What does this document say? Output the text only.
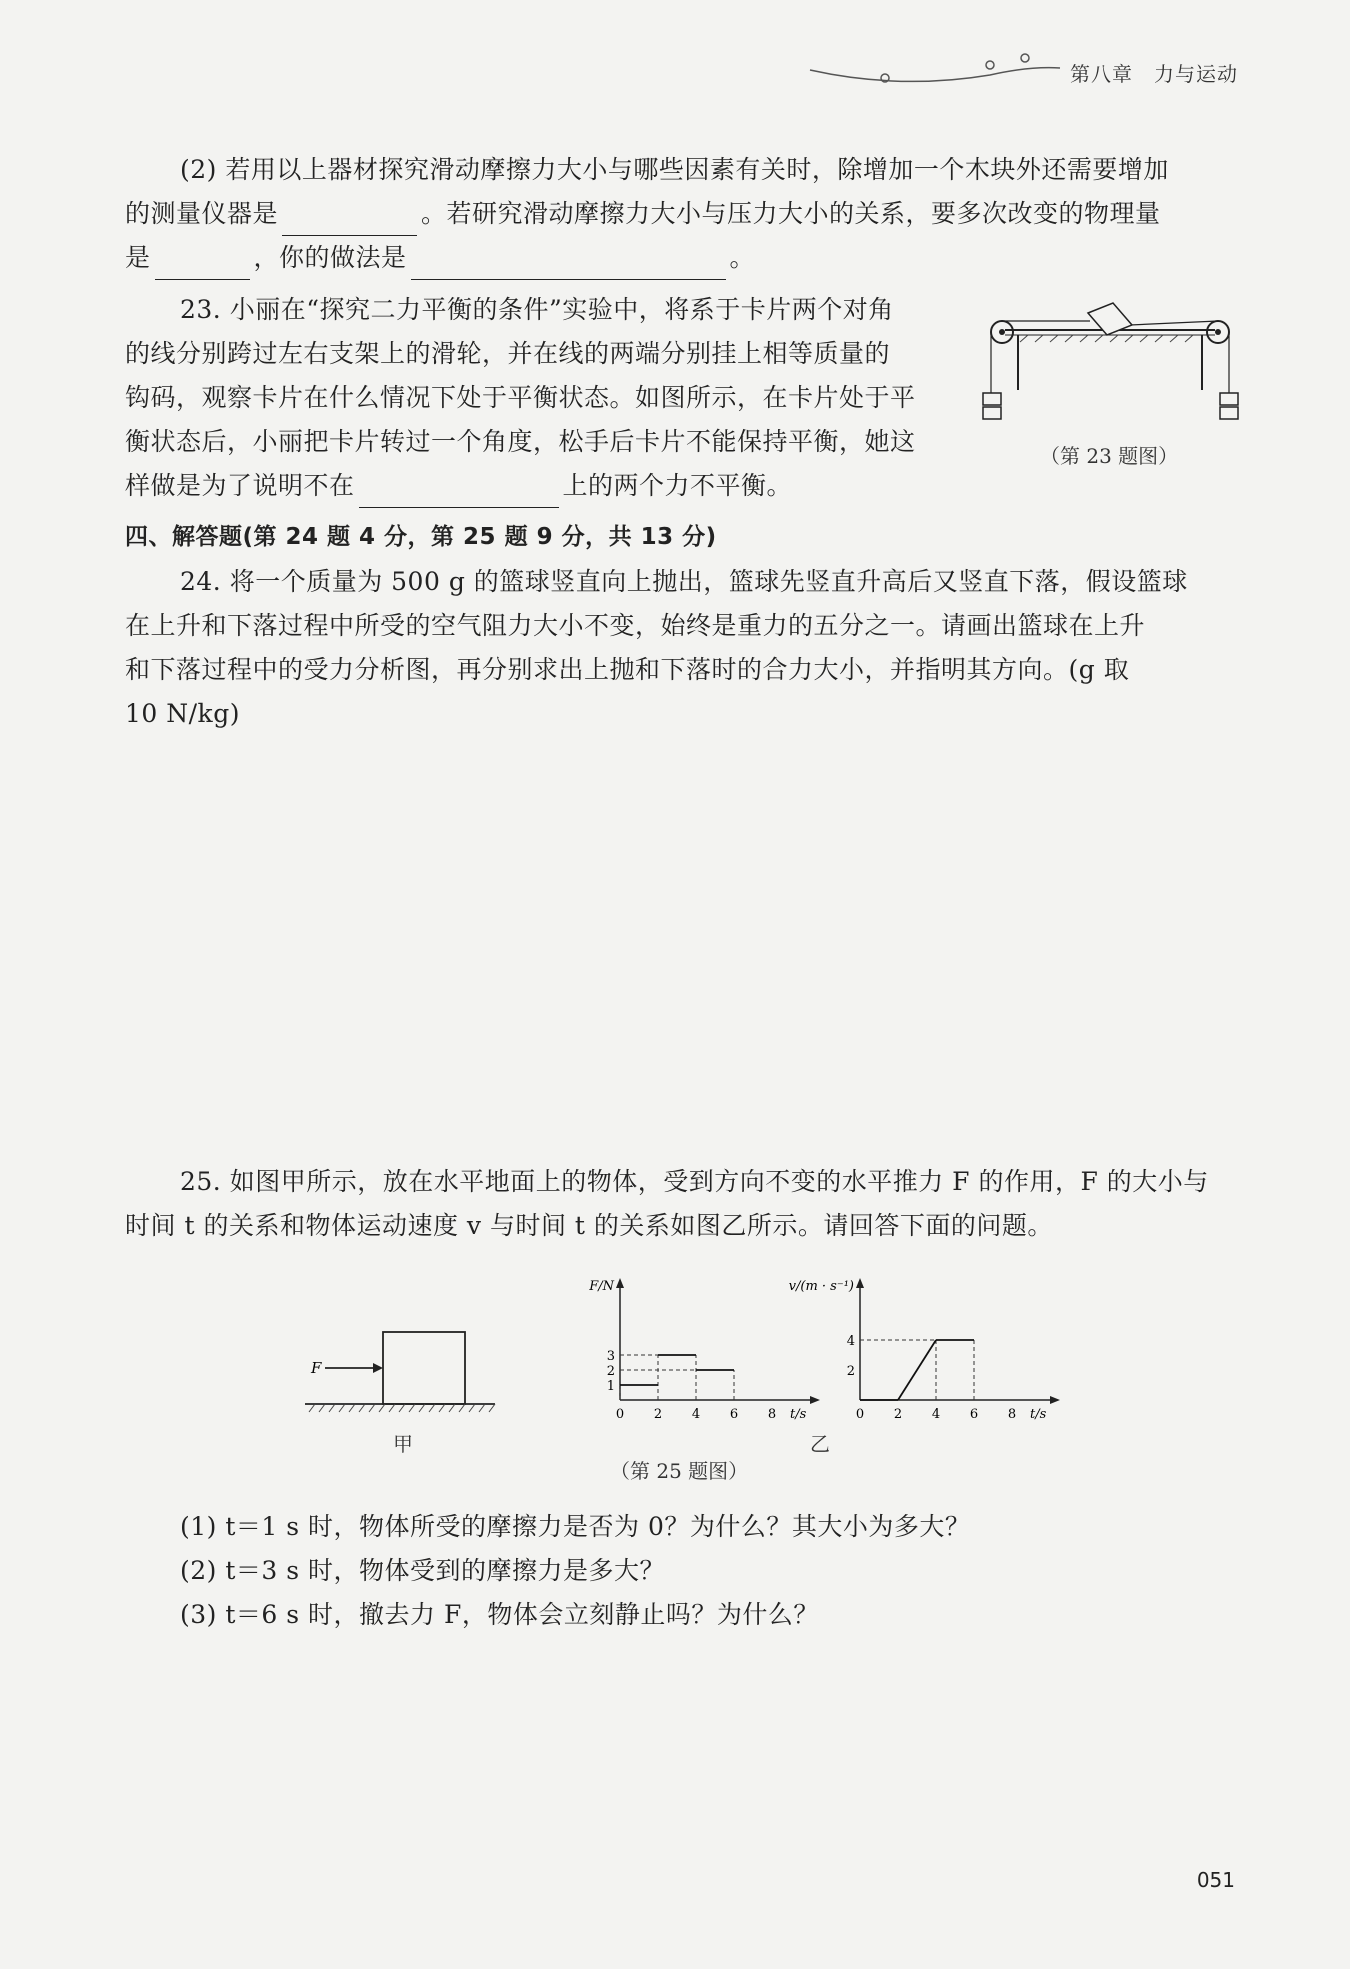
第八章　力与运动
(2) 若用以上器材探究滑动摩擦力大小与哪些因素有关时，除增加一个木块外还需要增加
的测量仪器是	。若研究滑动摩擦力大小与压力大小的关系，要多次改变的物理量
是	，你的做法是	。
23. 小丽在“探究二力平衡的条件”实验中，将系于卡片两个对角
的线分别跨过左右支架上的滑轮，并在线的两端分别挂上相等质量的
钩码，观察卡片在什么情况下处于平衡状态。如图所示，在卡片处于平
衡状态后，小丽把卡片转过一个角度，松手后卡片不能保持平衡，她这
样做是为了说明不在	上的两个力不平衡。
（第 23 题图）
四、解答题(第 24 题 4 分，第 25 题 9 分，共 13 分)
24. 将一个质量为 500 g 的篮球竖直向上抛出，篮球先竖直升高后又竖直下落，假设篮球
在上升和下落过程中所受的空气阻力大小不变，始终是重力的五分之一。请画出篮球在上升
和下落过程中的受力分析图，再分别求出上抛和下落时的合力大小，并指明其方向。(g 取
10 N/kg)
25. 如图甲所示，放在水平地面上的物体，受到方向不变的水平推力 F 的作用，F 的大小与
时间 t 的关系和物体运动速度 v 与时间 t 的关系如图乙所示。请回答下面的问题。
F
甲
F/N
t/s
0 2 4 6 8
1
2
3
v/(m · s⁻¹)
t/s
0 2 4 6 8
2
4
乙
（第 25 题图）
(1) t＝1 s 时，物体所受的摩擦力是否为 0？为什么？其大小为多大？
(2) t＝3 s 时，物体受到的摩擦力是多大？
(3) t＝6 s 时，撤去力 F，物体会立刻静止吗？为什么？
051
